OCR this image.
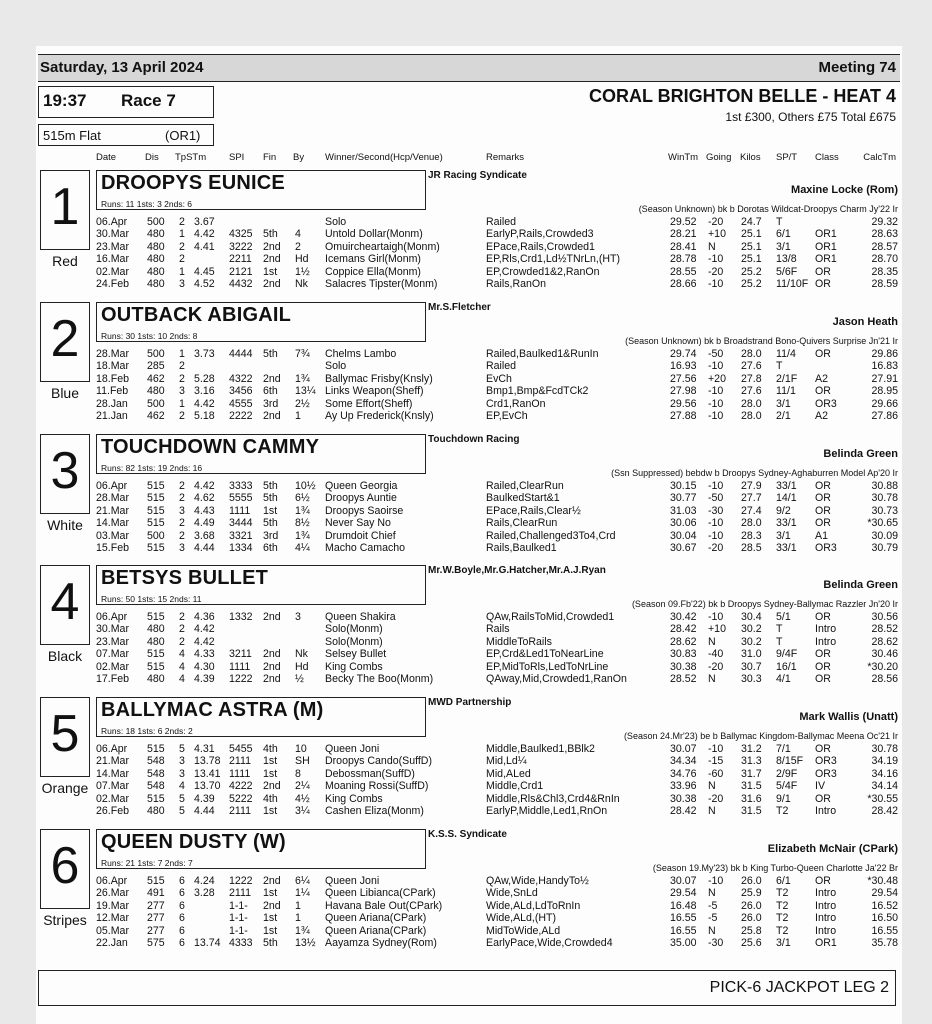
Saturday, 13 April 2024	Meeting 74
19:37 Race 7
515m Flat	(OR1)
CORAL BRIGHTON BELLE - HEAT 4
1st £300, Others £75 Total £675
Date	Dis TpSTm SPI Fin By Winner/Second(Hcp/Venue)	Remarks	WinTm Going Kilos SP/T Class	CalcTm
1
Red
DROOPYS EUNICE
Runs: 11 1sts: 3 2nds: 6
JR Racing Syndicate
Maxine Locke (Rom)
(Season Unknown) bk b Dorotas Wildcat-Droopys Charm Jy'22 Ir
06.Apr 500 2 3.67	Solo	Railed	29.52 -20 24.7 T	29.32
30.Mar 480 1 4.42 4325 5th 4 Untold Dollar(Monm)	EarlyP,Rails,Crowded3	28.21 +10 25.1 6/1 OR1	28.63
23.Mar 480 2 4.41 3222 2nd 2 Omuircheartaigh(Monm)	EPace,Rails,Crowded1	28.41 N 25.1 3/1 OR1	28.57
16.Mar 480 2	2211 2nd Hd Icemans Girl(Monm)	EP,Rls,Crd1,Ld½TNrLn,(HT)	28.78 -10 25.1 13/8 OR1	28.70
02.Mar 480 1 4.45 2121 1st 1½ Coppice Ella(Monm)	EP,Crowded1&2,RanOn	28.55 -20 25.2 5/6F OR	28.35
24.Feb 480 3 4.52 4432 2nd Nk Salacres Tipster(Monm)	Rails,RanOn	28.66 -10 25.2 11/10F OR	28.59
2
Blue
OUTBACK ABIGAIL
Runs: 30 1sts: 10 2nds: 8
Mr.S.Fletcher
Jason Heath
(Season Unknown) bk b Broadstrand Bono-Quivers Surprise Jn'21 Ir
28.Mar 500 1 3.73 4444 5th 7¾ Chelms Lambo	Railed,Baulked1&RunIn	29.74 -50 28.0 11/4 OR	29.86
18.Mar 285 2	Solo	Railed	16.93 -10 27.6 T	16.83
18.Feb 462 2 5.28 4322 2nd 1¾ Ballymac Frisby(Knsly)	EvCh	27.56 +20 27.8 2/1F A2	27.91
11.Feb 480 3 3.16 3456 6th 13¼ Links Weapon(Sheff)	Bmp1,Bmp&FcdTCk2	27.98 -10 27.6 11/1 OR	28.95
28.Jan 500 1 4.42 4555 3rd 2½ Some Effort(Sheff)	Crd1,RanOn	29.56 -10 28.0 3/1 OR3	29.66
21.Jan 462 2 5.18 2222 2nd 1 Ay Up Frederick(Knsly)	EP,EvCh	27.88 -10 28.0 2/1 A2	27.86
3
White
TOUCHDOWN CAMMY
Runs: 82 1sts: 19 2nds: 16
Touchdown Racing
Belinda Green
(Ssn Suppressed) bebdw b Droopys Sydney-Aghaburren Model Ap'20 Ir
06.Apr 515 2 4.42 3333 5th 10½ Queen Georgia	Railed,ClearRun	30.15 -10 27.9 33/1 OR	30.88
28.Mar 515 2 4.62 5555 5th 6½ Droopys Auntie	BaulkedStart&1	30.77 -50 27.7 14/1 OR	30.78
21.Mar 515 3 4.43 1111 1st 1¾ Droopys Saoirse	EPace,Rails,Clear½	31.03 -30 27.4 9/2 OR	30.73
14.Mar 515 2 4.49 3444 5th 8½ Never Say No	Rails,ClearRun	30.06 -10 28.0 33/1 OR	*30.65
03.Mar 500 2 3.68 3321 3rd 1¾ Drumdoit Chief	Railed,Challenged3To4,Crd	30.04 -10 28.3 3/1 A1	30.09
15.Feb 515 3 4.44 1334 6th 4¼ Macho Camacho	Rails,Baulked1	30.67 -20 28.5 33/1 OR3	30.79
4
Black
BETSYS BULLET
Runs: 50 1sts: 15 2nds: 11
Mr.W.Boyle,Mr.G.Hatcher,Mr.A.J.Ryan
Belinda Green
(Season 09.Fb'22) bk b Droopys Sydney-Ballymac Razzler Jn'20 Ir
06.Apr 515 2 4.36 1332 2nd 3 Queen Shakira	QAw,RailsToMid,Crowded1	30.42 -10 30.4 5/1 OR	30.56
30.Mar 480 2 4.42	Solo(Monm)	Rails	28.42 +10 30.2 T	Intro	28.52
23.Mar 480 2 4.42	Solo(Monm)	MiddleToRails	28.62 N 30.2 T	Intro	28.62
07.Mar 515 4 4.33 3211 2nd Nk Selsey Bullet	EP,Crd&Led1ToNearLine	30.83 -40 31.0 9/4F OR	30.46
02.Mar 515 4 4.30 1111 2nd Hd King Combs	EP,MidToRls,LedToNrLine	30.38 -20 30.7 16/1 OR	*30.20
17.Feb 480 4 4.39 1222 2nd ½ Becky The Boo(Monm)	QAway,Mid,Crowded1,RanOn	28.52 N 30.3 4/1 OR	28.56
5
Orange
BALLYMAC ASTRA (M)
Runs: 18 1sts: 6 2nds: 2
MWD Partnership
Mark Wallis (Unatt)
(Season 24.Mr'23) be b Ballymac Kingdom-Ballymac Meena Oc'21 Ir
06.Apr 515 5 4.31 5455 4th 10 Queen Joni	Middle,Baulked1,BBlk2	30.07 -10 31.2 7/1 OR	30.78
21.Mar 548 3 13.78 2111 1st SH Droopys Cando(SuffD)	Mid,Ld¼	34.34 -15 31.3 8/15F OR3	34.19
14.Mar 548 3 13.41 1111 1st 8 Debossman(SuffD)	Mid,ALed	34.76 -60 31.7 2/9F OR3	34.16
07.Mar 548 4 13.70 4222 2nd 2¼ Moaning Rossi(SuffD)	Middle,Crd1	33.96 N 31.5 5/4F IV	34.14
02.Mar 515 5 4.39 5222 4th 4½ King Combs	Middle,Rls&Chl3,Crd4&RnIn	30.38 -20 31.6 9/1 OR	*30.55
26.Feb 480 5 4.44 2111 1st 3¼ Cashen Eliza(Monm)	EarlyP,Middle,Led1,RnOn	28.42 N 31.5 T2	Intro	28.42
6
Stripes
QUEEN DUSTY (W)
Runs: 21 1sts: 7 2nds: 7
K.S.S. Syndicate
Elizabeth McNair (CPark)
(Season 19.My'23) bk b King Turbo-Queen Charlotte Ja'22 Br
06.Apr 515 6 4.24 1222 2nd 6¼ Queen Joni	QAw,Wide,HandyTo½	30.07 -10 26.0 6/1 OR	*30.48
26.Mar 491 6 3.28 2111 1st 1¼ Queen Libianca(CPark)	Wide,SnLd	29.54 N 25.9 T2	Intro	29.54
19.Mar 277 6	1-1- 2nd 1 Havana Bale Out(CPark)	Wide,ALd,LdToRnIn	16.48 -5 26.0 T2	Intro	16.52
12.Mar 277 6	1-1- 1st 1 Queen Ariana(CPark)	Wide,ALd,(HT)	16.55 -5 26.0 T2	Intro	16.50
05.Mar 277 6	1-1- 1st 1¾ Queen Ariana(CPark)	MidToWide,ALd	16.55 N 25.8 T2	Intro	16.55
22.Jan 575 6 13.74 4333 5th 13½ Aayamza Sydney(Rom)	EarlyPace,Wide,Crowded4	35.00 -30 25.6 3/1 OR1	35.78
PICK-6 JACKPOT LEG 2
